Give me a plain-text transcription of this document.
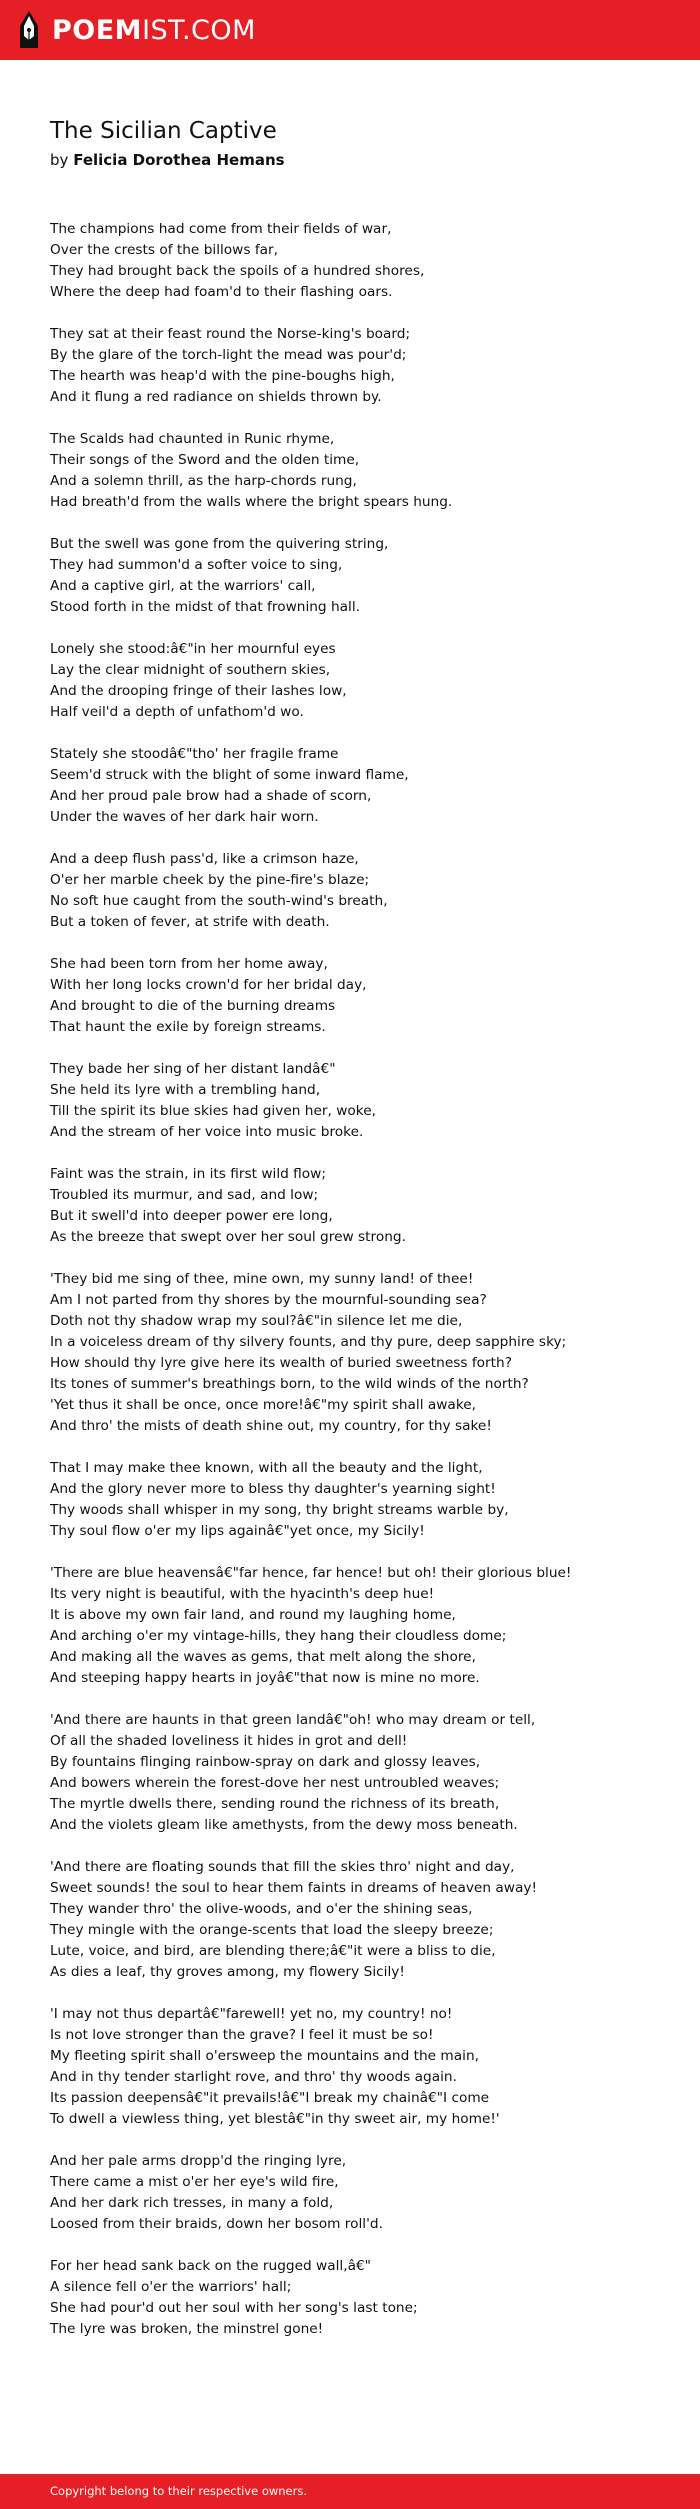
POEMIST.COM
The Sicilian Captive
by Felicia Dorothea Hemans
The champions had come from their fields of war,
Over the crests of the billows far,
They had brought back the spoils of a hundred shores,
Where the deep had foam'd to their flashing oars.
They sat at their feast round the Norse-king's board;
By the glare of the torch-light the mead was pour'd;
The hearth was heap'd with the pine-boughs high,
And it flung a red radiance on shields thrown by.
The Scalds had chaunted in Runic rhyme,
Their songs of the Sword and the olden time,
And a solemn thrill, as the harp-chords rung,
Had breath'd from the walls where the bright spears hung.
But the swell was gone from the quivering string,
They had summon'd a softer voice to sing,
And a captive girl, at the warriors' call,
Stood forth in the midst of that frowning hall.
Lonely she stood:â€"in her mournful eyes
Lay the clear midnight of southern skies,
And the drooping fringe of their lashes low,
Half veil'd a depth of unfathom'd wo.
Stately she stoodâ€"tho' her fragile frame
Seem'd struck with the blight of some inward flame,
And her proud pale brow had a shade of scorn,
Under the waves of her dark hair worn.
And a deep flush pass'd, like a crimson haze,
O'er her marble cheek by the pine-fire's blaze;
No soft hue caught from the south-wind's breath,
But a token of fever, at strife with death.
She had been torn from her home away,
With her long locks crown'd for her bridal day,
And brought to die of the burning dreams
That haunt the exile by foreign streams.
They bade her sing of her distant landâ€"
She held its lyre with a trembling hand,
Till the spirit its blue skies had given her, woke,
And the stream of her voice into music broke.
Faint was the strain, in its first wild flow;
Troubled its murmur, and sad, and low;
But it swell'd into deeper power ere long,
As the breeze that swept over her soul grew strong.
'They bid me sing of thee, mine own, my sunny land! of thee!
Am I not parted from thy shores by the mournful-sounding sea?
Doth not thy shadow wrap my soul?â€"in silence let me die,
In a voiceless dream of thy silvery founts, and thy pure, deep sapphire sky;
How should thy lyre give here its wealth of buried sweetness forth?
Its tones of summer's breathings born, to the wild winds of the north?
'Yet thus it shall be once, once more!â€"my spirit shall awake,
And thro' the mists of death shine out, my country, for thy sake!
That I may make thee known, with all the beauty and the light,
And the glory never more to bless thy daughter's yearning sight!
Thy woods shall whisper in my song, thy bright streams warble by,
Thy soul flow o'er my lips againâ€"yet once, my Sicily!
'There are blue heavensâ€"far hence, far hence! but oh! their glorious blue!
Its very night is beautiful, with the hyacinth's deep hue!
It is above my own fair land, and round my laughing home,
And arching o'er my vintage-hills, they hang their cloudless dome;
And making all the waves as gems, that melt along the shore,
And steeping happy hearts in joyâ€"that now is mine no more.
'And there are haunts in that green landâ€"oh! who may dream or tell,
Of all the shaded loveliness it hides in grot and dell!
By fountains flinging rainbow-spray on dark and glossy leaves,
And bowers wherein the forest-dove her nest untroubled weaves;
The myrtle dwells there, sending round the richness of its breath,
And the violets gleam like amethysts, from the dewy moss beneath.
'And there are floating sounds that fill the skies thro' night and day,
Sweet sounds! the soul to hear them faints in dreams of heaven away!
They wander thro' the olive-woods, and o'er the shining seas,
They mingle with the orange-scents that load the sleepy breeze;
Lute, voice, and bird, are blending there;â€"it were a bliss to die,
As dies a leaf, thy groves among, my flowery Sicily!
'I may not thus departâ€"farewell! yet no, my country! no!
Is not love stronger than the grave? I feel it must be so!
My fleeting spirit shall o'ersweep the mountains and the main,
And in thy tender starlight rove, and thro' thy woods again.
Its passion deepensâ€"it prevails!â€"I break my chainâ€"I come
To dwell a viewless thing, yet blestâ€"in thy sweet air, my home!'
And her pale arms dropp'd the ringing lyre,
There came a mist o'er her eye's wild fire,
And her dark rich tresses, in many a fold,
Loosed from their braids, down her bosom roll'd.
For her head sank back on the rugged wall,â€"
A silence fell o'er the warriors' hall;
She had pour'd out her soul with her song's last tone;
The lyre was broken, the minstrel gone!
Copyright belong to their respective owners.
